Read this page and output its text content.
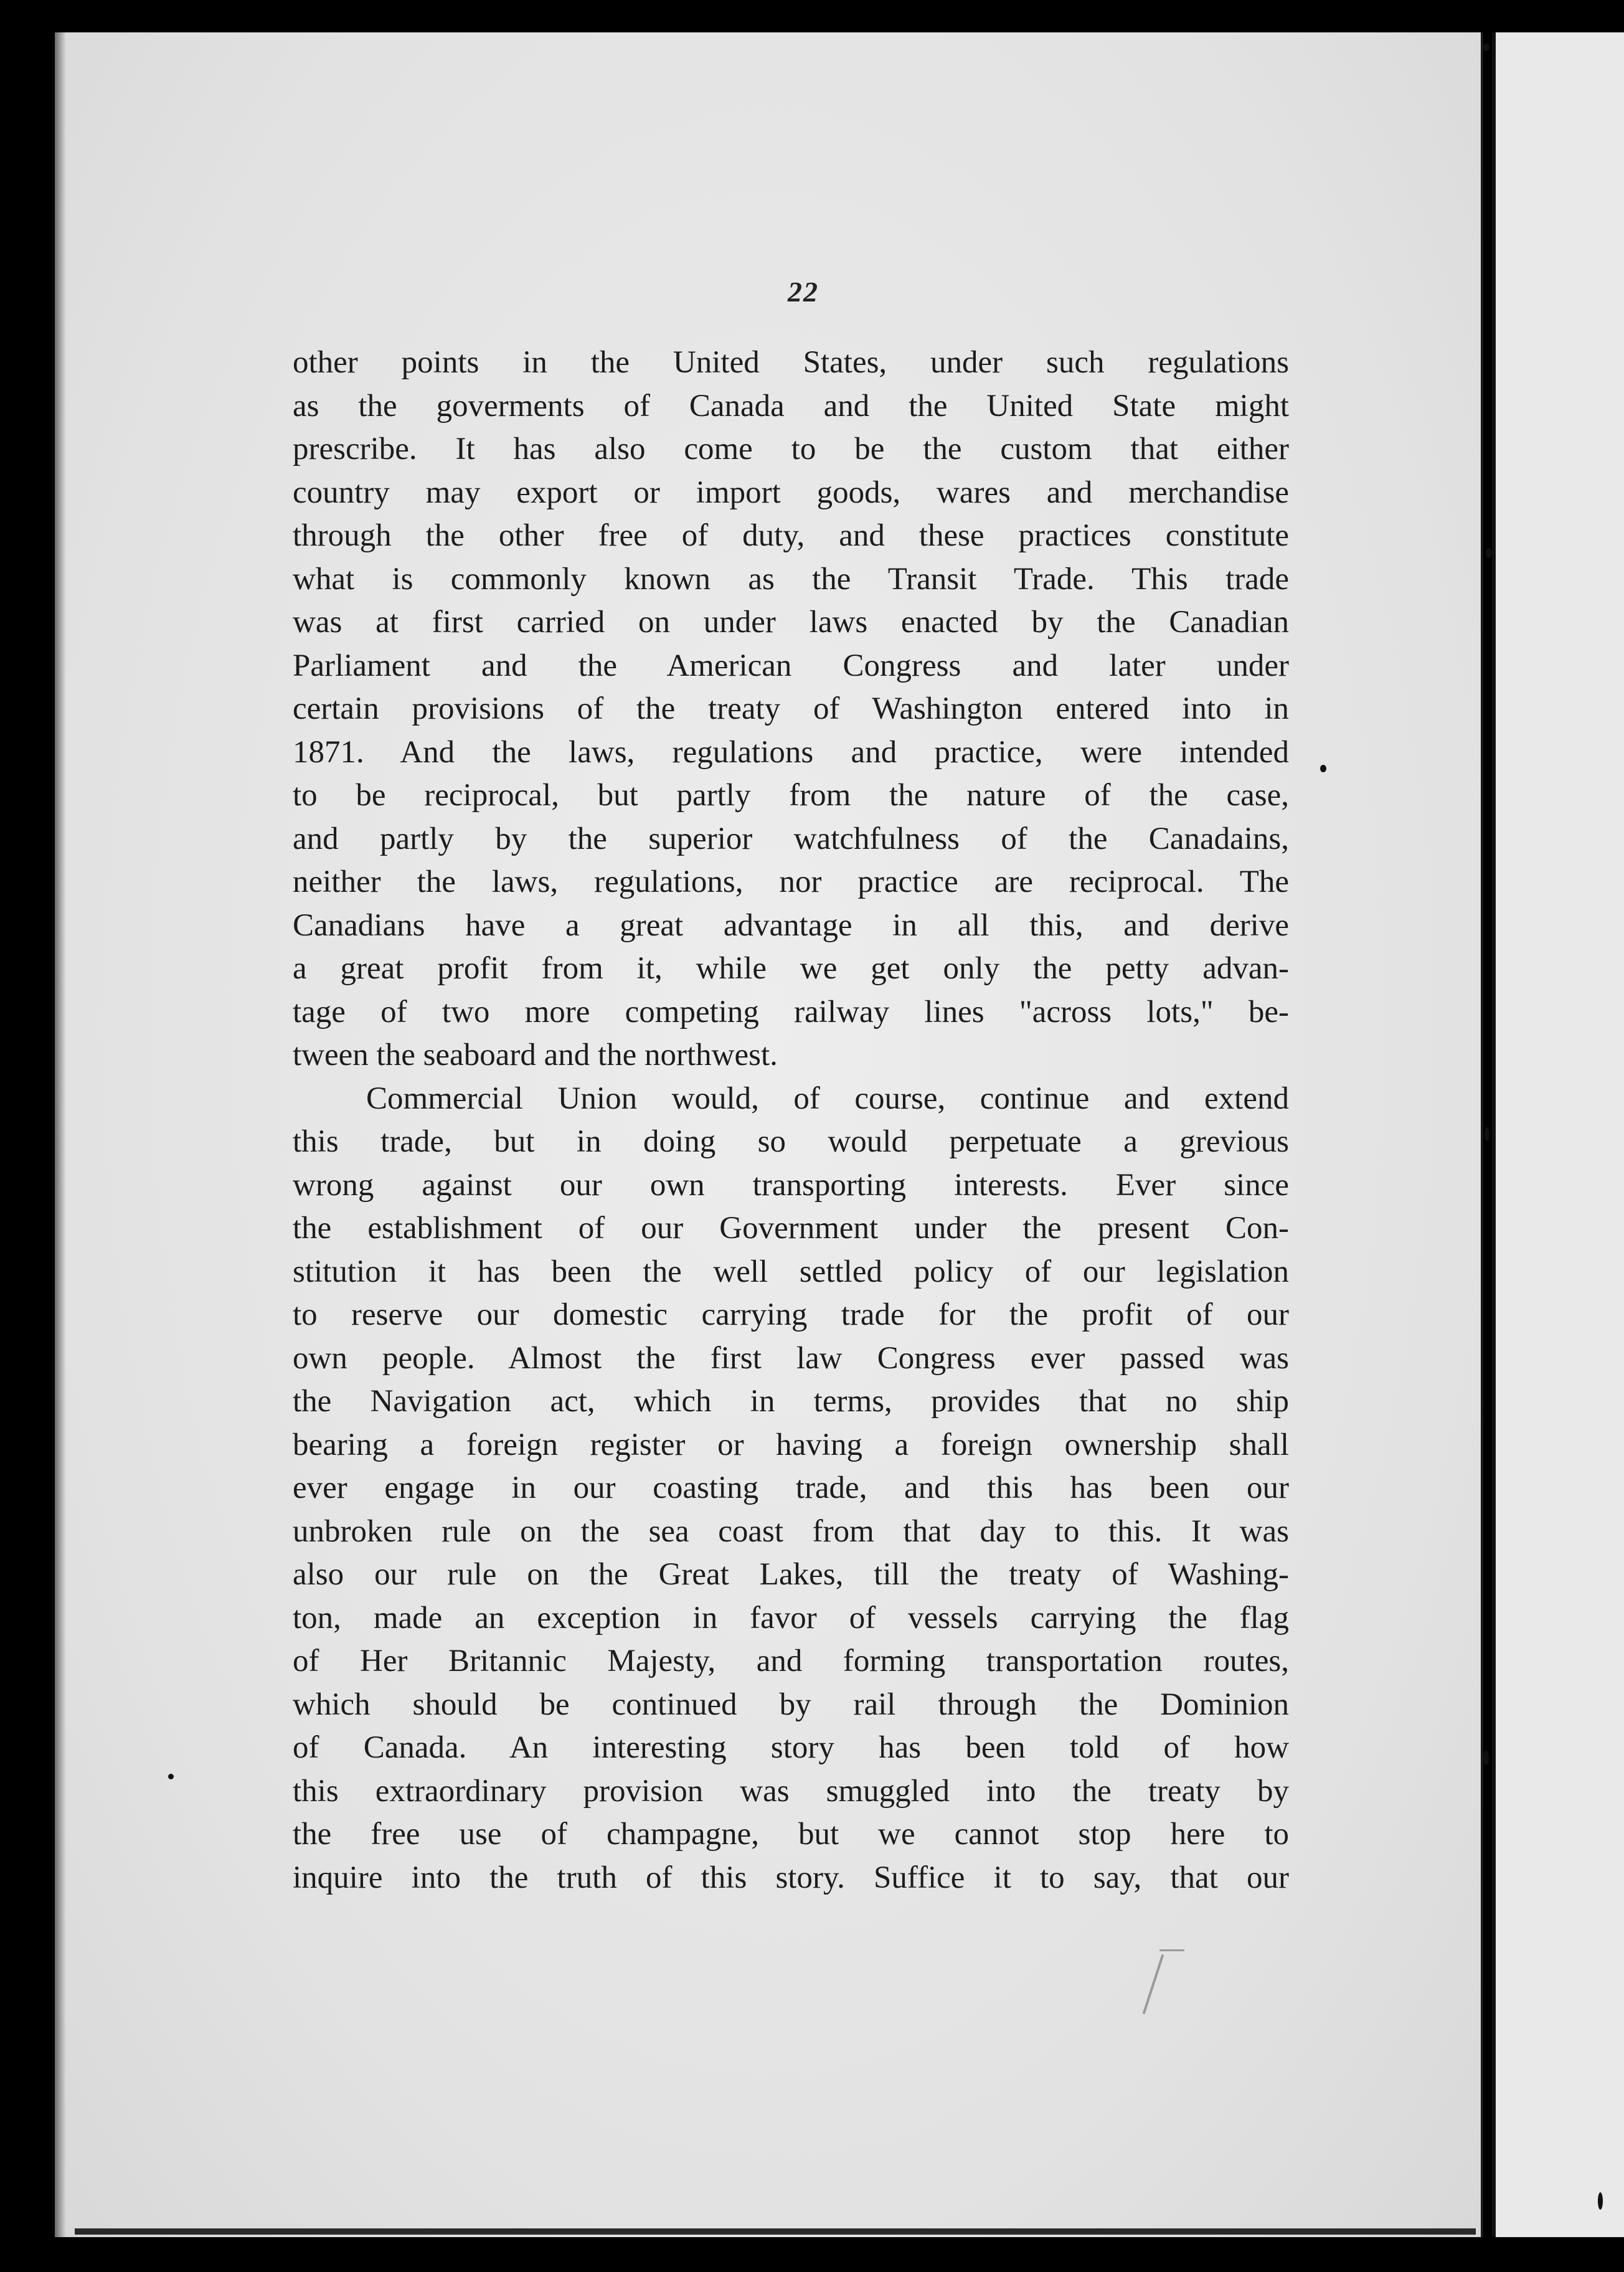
22
other points in the United States, under such regulations
as the goverments of Canada and the United State might
prescribe. It has also come to be the custom that either
country may export or import goods, wares and merchandise
through the other free of duty, and these practices constitute
what is commonly known as the Transit Trade. This trade
was at first carried on under laws enacted by the Canadian
Parliament and the American Congress and later under
certain provisions of the treaty of Washington entered into in
1871. And the laws, regulations and practice, were intended
to be reciprocal, but partly from the nature of the case,
and partly by the superior watchfulness of the Canadains,
neither the laws, regulations, nor practice are reciprocal. The
Canadians have a great advantage in all this, and derive
a great profit from it, while we get only the petty advan-
tage of two more competing railway lines "across lots," be-
tween the seaboard and the northwest.
Commercial Union would, of course, continue and extend
this trade, but in doing so would perpetuate a grevious
wrong against our own transporting interests. Ever since
the establishment of our Government under the present Con-
stitution it has been the well settled policy of our legislation
to reserve our domestic carrying trade for the profit of our
own people. Almost the first law Congress ever passed was
the Navigation act, which in terms, provides that no ship
bearing a foreign register or having a foreign ownership shall
ever engage in our coasting trade, and this has been our
unbroken rule on the sea coast from that day to this. It was
also our rule on the Great Lakes, till the treaty of Washing-
ton, made an exception in favor of vessels carrying the flag
of Her Britannic Majesty, and forming transportation routes,
which should be continued by rail through the Dominion
of Canada. An interesting story has been told of how
this extraordinary provision was smuggled into the treaty by
the free use of champagne, but we cannot stop here to
inquire into the truth of this story. Suffice it to say, that our
